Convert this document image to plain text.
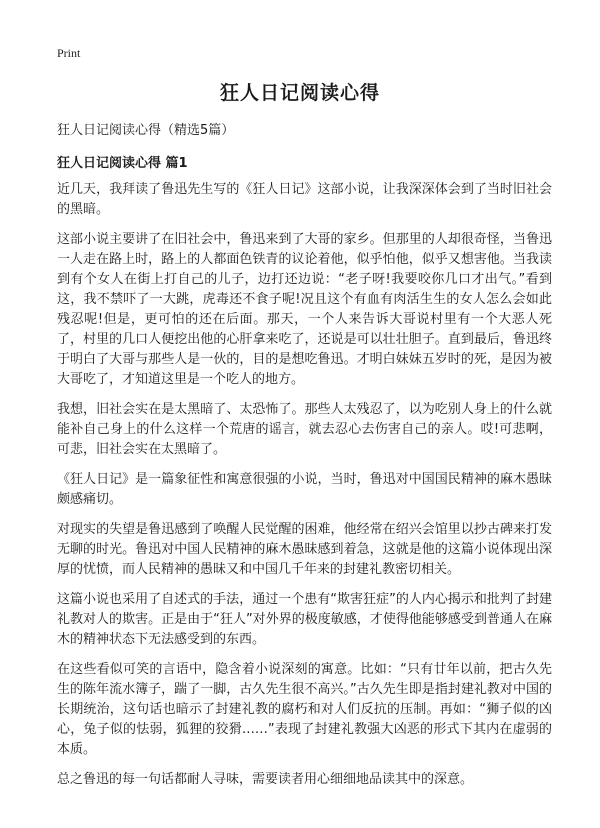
Print
狂人日记阅读心得

狂人日记阅读心得（精选5篇）

狂人日记阅读心得 篇1

近几天，我拜读了鲁迅先生写的《狂人日记》这部小说，让我深深体会到了当时旧社会的黑暗。

这部小说主要讲了在旧社会中，鲁迅来到了大哥的家乡。但那里的人却很奇怪，当鲁迅一人走在路上时，路上的人都面色铁青的议论着他，似乎怕他，似乎又想害他。当我读到有个女人在街上打自己的儿子，边打还边说：“老子呀!我要咬你几口才出气。”看到这，我不禁吓了一大跳，虎毒还不食子呢!况且这个有血有肉活生生的女人怎么会如此残忍呢!但是，更可怕的还在后面。那天，一个人来告诉大哥说村里有一个大恶人死了，村里的几口人便挖出他的心肝拿来吃了，还说是可以壮壮胆子。直到最后，鲁迅终于明白了大哥与那些人是一伙的，目的是想吃鲁迅。才明白妹妹五岁时的死，是因为被大哥吃了，才知道这里是一个吃人的地方。

我想，旧社会实在是太黑暗了、太恐怖了。那些人太残忍了，以为吃别人身上的什么就能补自己身上的什么这样一个荒唐的谣言，就去忍心去伤害自己的亲人。哎!可悲啊，可悲，旧社会实在太黑暗了。

《狂人日记》是一篇象征性和寓意很强的小说，当时，鲁迅对中国国民精神的麻木愚昧颇感痛切。

对现实的失望是鲁迅感到了唤醒人民觉醒的困难，他经常在绍兴会馆里以抄古碑来打发无聊的时光。鲁迅对中国人民精神的麻木愚昧感到着急，这就是他的这篇小说体现出深厚的忧愤，而人民精神的愚昧又和中国几千年来的封建礼教密切相关。

这篇小说也采用了自述式的手法，通过一个患有“欺害狂症”的人内心揭示和批判了封建礼教对人的欺害。正是由于“狂人”对外界的极度敏感，才使得他能够感受到普通人在麻木的精神状态下无法感受到的东西。

在这些看似可笑的言语中，隐含着小说深刻的寓意。比如：“只有廿年以前，把古久先生的陈年流水簿子，踹了一脚，古久先生很不高兴。”古久先生即是指封建礼教对中国的长期统治，这句话也暗示了封建礼教的腐朽和对人们反抗的压制。再如：“狮子似的凶心，兔子似的怯弱，狐狸的狡猾……”表现了封建礼教强大凶恶的形式下其内在虚弱的本质。

总之鲁迅的每一句话都耐人寻味，需要读者用心细细地品读其中的深意。
